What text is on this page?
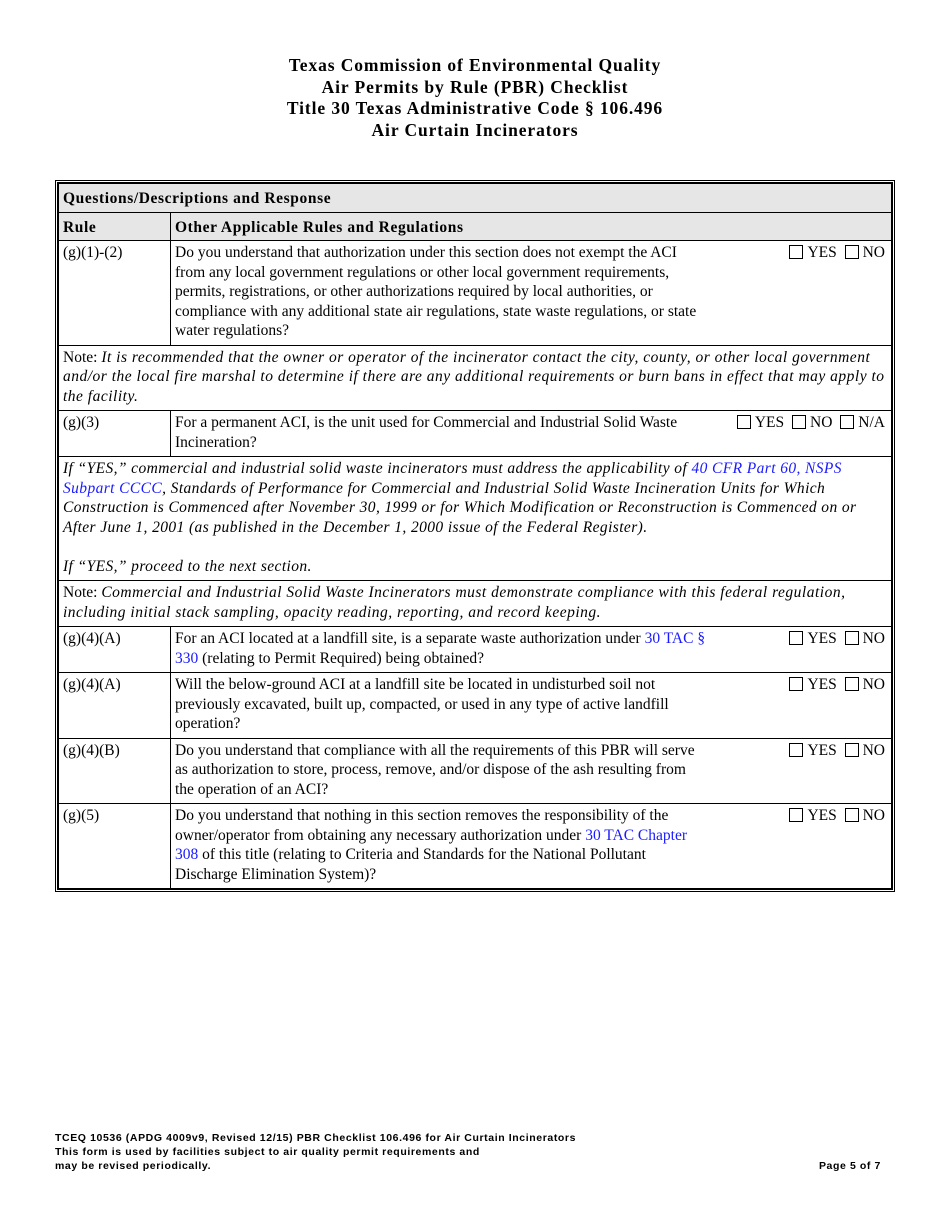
Texas Commission of Environmental Quality
Air Permits by Rule (PBR) Checklist
Title 30 Texas Administrative Code § 106.496
Air Curtain Incinerators
Questions/Descriptions and Response	
Rule	Other Applicable Rules and Regulations
(g)(1)-(2)	Do you understand that authorization under this section does not exempt the ACI from any local government regulations or other local government requirements, permits, registrations, or other authorizations required by local authorities, or compliance with any additional state air regulations, state waste regulations, or state water regulations?
YES NO

Note: It is recommended that the owner or operator of the incinerator contact the city, county, or other local government and/or the local fire marshal to determine if there are any additional requirements or burn bans in effect that may apply to the facility.	
(g)(3)	For a permanent ACI, is the unit used for Commercial and Industrial Solid Waste Incineration?
YES NO N/A

If “YES,” commercial and industrial solid waste incinerators must address the applicability of 40 CFR Part 60, NSPS Subpart CCCC, Standards of Performance for Commercial and Industrial Solid Waste Incineration Units for Which Construction is Commenced after November 30, 1999 or for Which Modification or Reconstruction is Commenced on or After June 1, 2001 (as published in the December 1, 2000 issue of the Federal Register).
If “YES,” proceed to the next section.	

Note: Commercial and Industrial Solid Waste Incinerators must demonstrate compliance with this federal regulation, including initial stack sampling, opacity reading, reporting, and record keeping.	
(g)(4)(A)	For an ACI located at a landfill site, is a separate waste authorization under 30 TAC § 330 (relating to Permit Required) being obtained?
YES NO

(g)(4)(A)	Will the below-ground ACI at a landfill site be located in undisturbed soil not previously excavated, built up, compacted, or used in any type of active landfill operation?
YES NO

(g)(4)(B)	Do you understand that compliance with all the requirements of this PBR will serve as authorization to store, process, remove, and/or dispose of the ash resulting from the operation of an ACI?
YES NO

(g)(5)	Do you understand that nothing in this section removes the responsibility of the owner/operator from obtaining any necessary authorization under 30 TAC Chapter 308 of this title (relating to Criteria and Standards for the National Pollutant Discharge Elimination System)?
YES NO
TCEQ 10536 (APDG 4009v9, Revised 12/15) PBR Checklist 106.496 for Air Curtain Incinerators
This form is used by facilities subject to air quality permit requirements and
may be revised periodically.	Page 5 of 7
